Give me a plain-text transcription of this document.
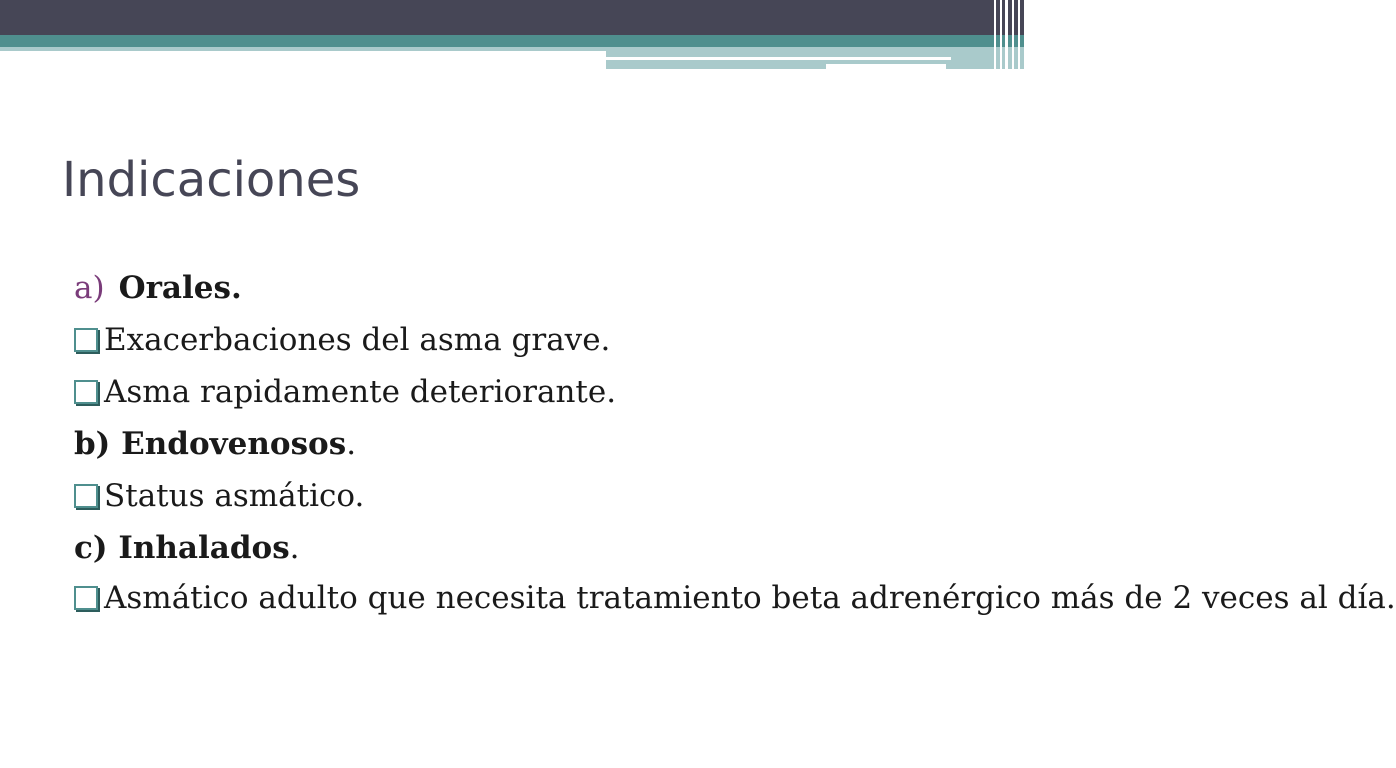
Indicaciones

a) Orales.

Exacerbaciones del asma grave.

Asma rapidamente deteriorante.

b) Endovenosos.

Status asmático.

c) Inhalados.

Asmático adulto que necesita tratamiento beta adrenérgico más de 2 veces al día.
